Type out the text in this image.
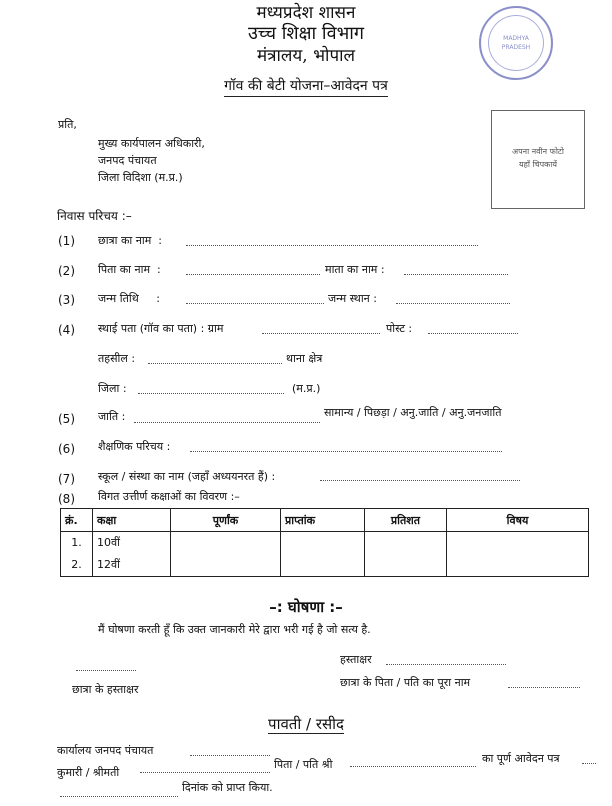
मध्यप्रदेश शासन
उच्च शिक्षा विभाग
मंत्रालय, भोपाल
गॉव की बेटी योजना–आवेदन पत्र
MADHYA PRADESH
अपना नवीन फोटो
यहाँ चिपकायें
प्रति,
मुख्य कार्यपालन अधिकारी,
जनपद पंचायत
जिला विदिशा (म.प्र.)
निवास परिचय :–
(1) छात्रा का नाम  :
(2) पिता का नाम  :	माता का नाम :
(3) जन्म तिथि     :	जन्म स्थान :
(4) स्थाई पता (गॉव का पता) : ग्राम	पोस्ट :
तहसील :	थाना क्षेत्र
जिला :	(म.प्र.)
(5) जाति :	सामान्य / पिछड़ा / अनु.जाति / अनु.जनजाति
(6) शैक्षणिक परिचय :
(7) स्कूल / संस्था का नाम (जहाँ अध्ययनरत हैं) :
(8) विगत उत्तीर्ण कक्षाओं का विवरण :–
क्रं.	कक्षा	पूर्णांक	प्राप्तांक	प्रतिशत	विषय
1.	10वीं				
2.	12वीं				
–: घोषणा :–
मैं घोषणा करती हूँ कि उक्त जानकारी मेरे द्वारा भरी गई है जो सत्य है.
हस्ताक्षर
छात्रा के हस्ताक्षर
छात्रा के पिता / पति का पूरा नाम
पावती / रसीद
कार्यालय जनपद पंचायत
कुमारी / श्रीमती
पिता / पति श्री	का पूर्ण आवेदन पत्र
दिनांक को प्राप्त किया.
